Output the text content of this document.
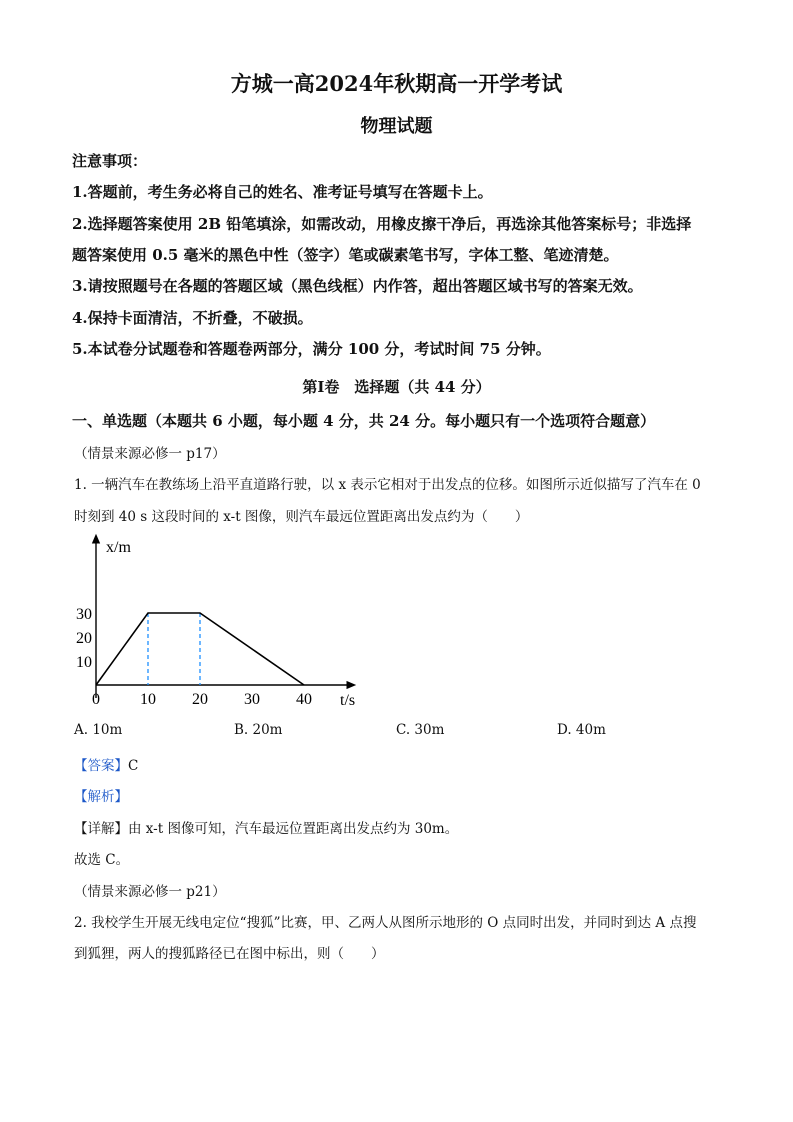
方城一高2024年秋期高一开学考试
物理试题
注意事项：
1.答题前，考生务必将自己的姓名、准考证号填写在答题卡上。
2.选择题答案使用 2B 铅笔填涂，如需改动，用橡皮擦干净后，再选涂其他答案标号；非选择
题答案使用 0.5 毫米的黑色中性（签字）笔或碳素笔书写，字体工整、笔迹清楚。
3.请按照题号在各题的答题区域（黑色线框）内作答，超出答题区域书写的答案无效。
4.保持卡面清洁，不折叠，不破损。
5.本试卷分试题卷和答题卷两部分，满分 100 分，考试时间 75 分钟。
第Ⅰ卷　选择题（共 44 分）
一、单选题（本题共 6 小题，每小题 4 分，共 24 分。每小题只有一个选项符合题意）
（情景来源必修一 p17）
1. 一辆汽车在教练场上沿平直道路行驶，以 x 表示它相对于出发点的位移。如图所示近似描写了汽车在 0
时刻到 40 s 这段时间的 x-t 图像，则汽车最远位置距离出发点约为（　　）
x/m
t/s
0	10 20 30 40
10
20
30
A. 10m	B. 20m	C. 30m	D. 40m
【答案】C
【解析】
【详解】由 x-t 图像可知，汽车最远位置距离出发点约为 30m。
故选 C。
（情景来源必修一 p21）
2. 我校学生开展无线电定位“搜狐”比赛，甲、乙两人从图所示地形的 O 点同时出发，并同时到达 A 点搜
到狐狸，两人的搜狐路径已在图中标出，则（　　）
